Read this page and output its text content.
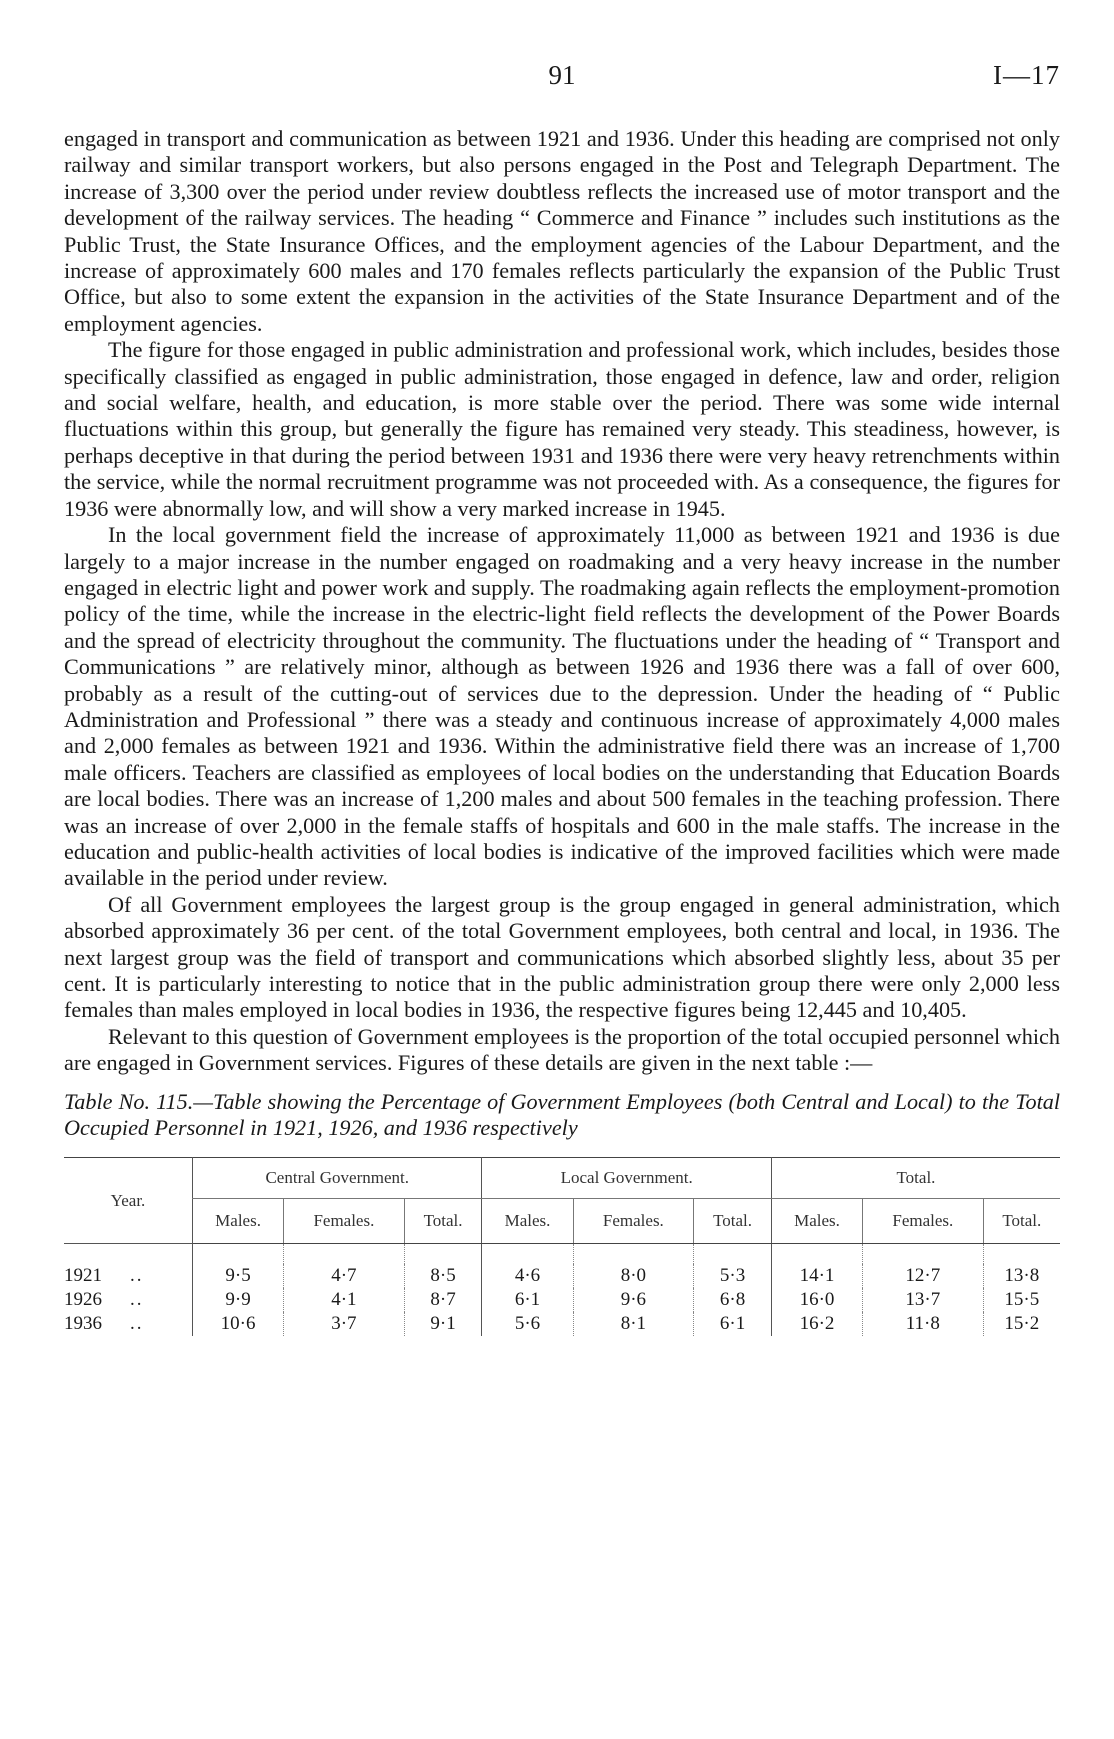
91	I—17

engaged in transport and communication as between 1921 and 1936. Under this heading are comprised not only railway and similar transport workers, but also persons engaged in the Post and Telegraph Department. The increase of 3,300 over the period under review doubtless reflects the increased use of motor transport and the development of the railway services. The heading “ Commerce and Finance ” includes such institutions as the Public Trust, the State Insurance Offices, and the employment agencies of the Labour Department, and the increase of approximately 600 males and 170 females reflects particularly the expansion of the Public Trust Office, but also to some extent the expansion in the activities of the State Insurance Department and of the employment agencies.

The figure for those engaged in public administration and professional work, which includes, besides those specifically classified as engaged in public administration, those engaged in defence, law and order, religion and social welfare, health, and education, is more stable over the period. There was some wide internal fluctuations within this group, but generally the figure has remained very steady. This steadiness, however, is perhaps deceptive in that during the period between 1931 and 1936 there were very heavy retrenchments within the service, while the normal recruitment programme was not proceeded with. As a consequence, the figures for 1936 were abnormally low, and will show a very marked increase in 1945.

In the local government field the increase of approximately 11,000 as between 1921 and 1936 is due largely to a major increase in the number engaged on roadmaking and a very heavy increase in the number engaged in electric light and power work and supply. The roadmaking again reflects the employment-promotion policy of the time, while the increase in the electric-light field reflects the development of the Power Boards and the spread of electricity throughout the community. The fluctuations under the heading of “ Transport and Communications ” are relatively minor, although as between 1926 and 1936 there was a fall of over 600, probably as a result of the cutting-out of services due to the depression. Under the heading of “ Public Administration and Professional ” there was a steady and continuous increase of approximately 4,000 males and 2,000 females as between 1921 and 1936. Within the administrative field there was an increase of 1,700 male officers. Teachers are classified as employees of local bodies on the understanding that Education Boards are local bodies. There was an increase of 1,200 males and about 500 females in the teaching profession. There was an increase of over 2,000 in the female staffs of hospitals and 600 in the male staffs. The increase in the education and public-health activities of local bodies is indicative of the improved facilities which were made available in the period under review.

Of all Government employees the largest group is the group engaged in general administration, which absorbed approximately 36 per cent. of the total Government employees, both central and local, in 1936. The next largest group was the field of transport and communications which absorbed slightly less, about 35 per cent. It is particularly interesting to notice that in the public administration group there were only 2,000 less females than males employed in local bodies in 1936, the respective figures being 12,445 and 10,405.

Relevant to this question of Government employees is the proportion of the total occupied personnel which are engaged in Government services. Figures of these details are given in the next table :—

Table No. 115.—Table showing the Percentage of Government Employees (both Central and Local) to the Total Occupied Personnel in 1921, 1926, and 1936 respectively

Year.	Central Government.			Local Government.			Total.		
	Males.	Females.	Total.	Males.	Females.	Total.	Males.	Females.	Total.

1921 ..	9·5	4·7	8·5	4·6	8·0	5·3	14·1	12·7	13·8
1926 ..	9·9	4·1	8·7	6·1	9·6	6·8	16·0	13·7	15·5
1936 ..	10·6	3·7	9·1	5·6	8·1	6·1	16·2	11·8	15·2
